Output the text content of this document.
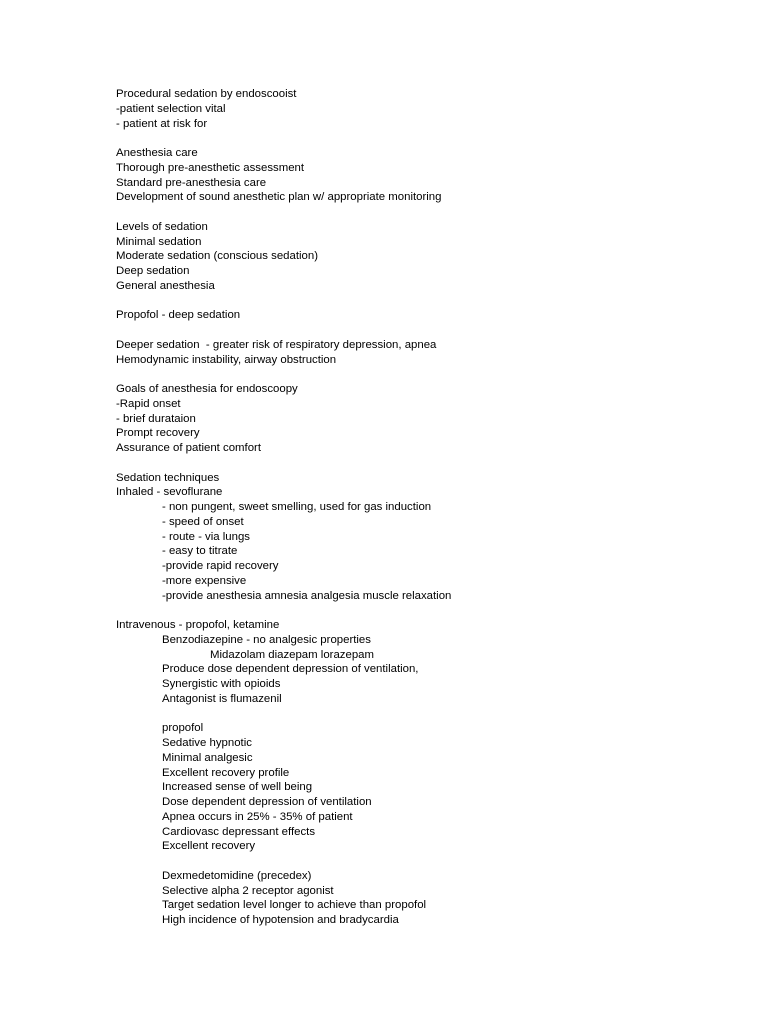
Procedural sedation by endoscooist
-patient selection vital
- patient at risk for
Anesthesia care
Thorough pre-anesthetic assessment
Standard pre-anesthesia care
Development of sound anesthetic plan w/ appropriate monitoring
Levels of sedation
Minimal sedation
Moderate sedation (conscious sedation)
Deep sedation
General anesthesia
Propofol - deep sedation
Deeper sedation  - greater risk of respiratory depression, apnea
Hemodynamic instability, airway obstruction
Goals of anesthesia for endoscoopy
-Rapid onset
- brief durataion
Prompt recovery
Assurance of patient comfort
Sedation techniques
Inhaled - sevoflurane
- non pungent, sweet smelling, used for gas induction
- speed of onset
- route - via lungs
- easy to titrate
-provide rapid recovery
-more expensive
-provide anesthesia amnesia analgesia muscle relaxation
Intravenous - propofol, ketamine
Benzodiazepine - no analgesic properties
Midazolam diazepam lorazepam
Produce dose dependent depression of ventilation,
Synergistic with opioids
Antagonist is flumazenil
propofol
Sedative hypnotic
Minimal analgesic
Excellent recovery profile
Increased sense of well being
Dose dependent depression of ventilation
Apnea occurs in 25% - 35% of patient
Cardiovasc depressant effects
Excellent recovery
Dexmedetomidine (precedex)
Selective alpha 2 receptor agonist
Target sedation level longer to achieve than propofol
High incidence of hypotension and bradycardia
